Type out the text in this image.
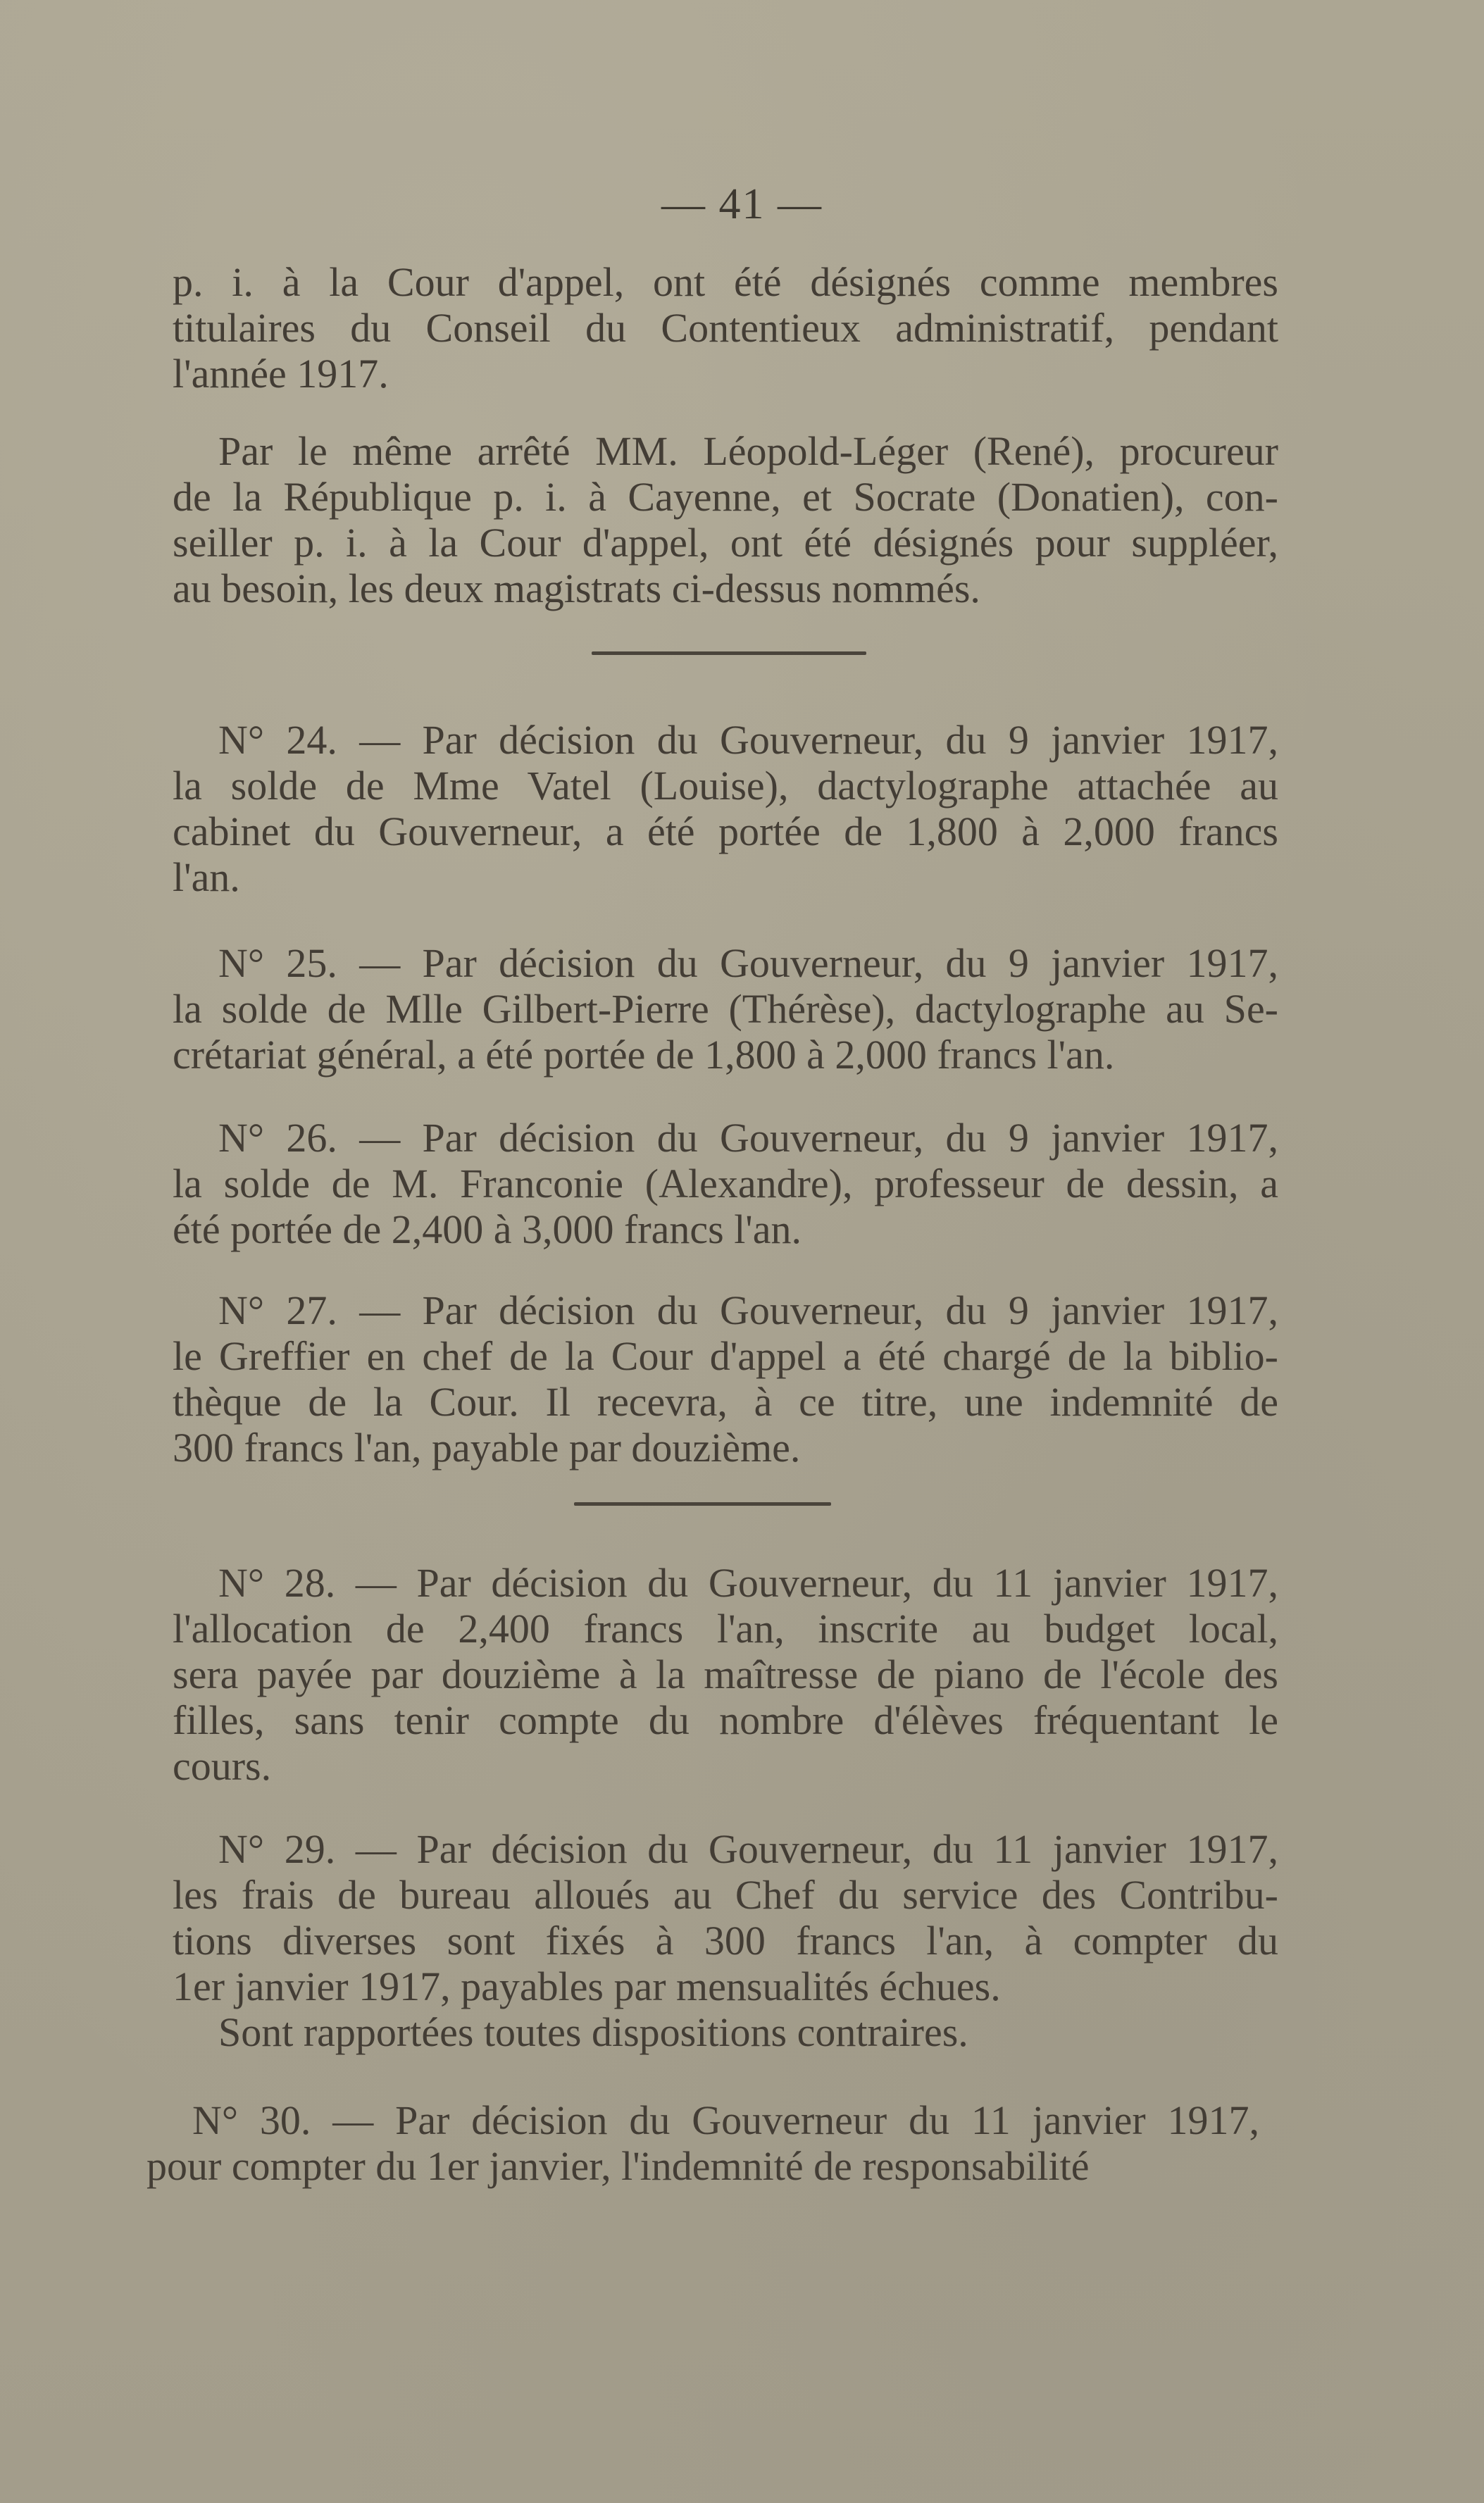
— 41 —
p. i. à la Cour d'appel, ont été désignés comme membres
titulaires du Conseil du Contentieux administratif, pendant
l'année 1917.
Par le même arrêté MM. Léopold-Léger (René), procureur
de la République p. i. à Cayenne, et Socrate (Donatien), con-
seiller p. i. à la Cour d'appel, ont été désignés pour suppléer,
au besoin, les deux magistrats ci-dessus nommés.
N° 24. — Par décision du Gouverneur, du 9 janvier 1917,
la solde de Mme Vatel (Louise), dactylographe attachée au
cabinet du Gouverneur, a été portée de 1,800 à 2,000 francs
l'an.
N° 25. — Par décision du Gouverneur, du 9 janvier 1917,
la solde de Mlle Gilbert-Pierre (Thérèse), dactylographe au Se-
crétariat général, a été portée de 1,800 à 2,000 francs l'an.
N° 26. — Par décision du Gouverneur, du 9 janvier 1917,
la solde de M. Franconie (Alexandre), professeur de dessin, a
été portée de 2,400 à 3,000 francs l'an.
N° 27. — Par décision du Gouverneur, du 9 janvier 1917,
le Greffier en chef de la Cour d'appel a été chargé de la biblio-
thèque de la Cour. Il recevra, à ce titre, une indemnité de
300 francs l'an, payable par douzième.
N° 28. — Par décision du Gouverneur, du 11 janvier 1917,
l'allocation de 2,400 francs l'an, inscrite au budget local,
sera payée par douzième à la maîtresse de piano de l'école des
filles, sans tenir compte du nombre d'élèves fréquentant le
cours.
N° 29. — Par décision du Gouverneur, du 11 janvier 1917,
les frais de bureau alloués au Chef du service des Contribu-
tions diverses sont fixés à 300 francs l'an, à compter du
1er janvier 1917, payables par mensualités échues.
Sont rapportées toutes dispositions contraires.
N° 30. — Par décision du Gouverneur du 11 janvier 1917,
pour compter du 1er janvier, l'indemnité de responsabilité
